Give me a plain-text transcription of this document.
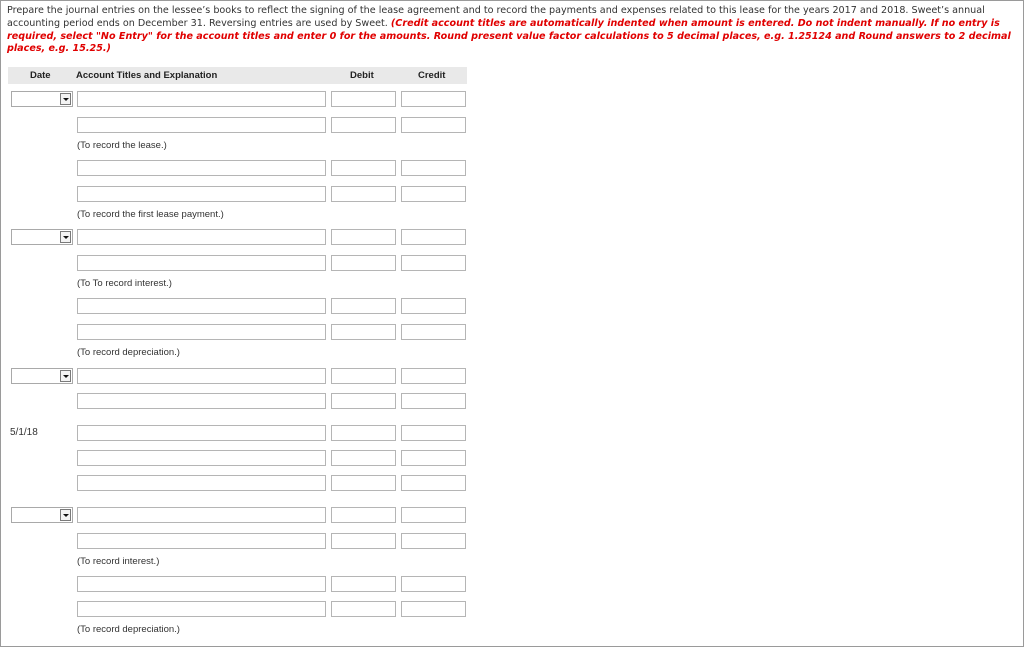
Prepare the journal entries on the lessee’s books to reflect the signing of the lease agreement and to record the payments and expenses related to this lease for the years 2017 and 2018. Sweet’s annual accounting period ends on December 31. Reversing entries are used by Sweet. (Credit account titles are automatically indented when amount is entered. Do not indent manually. If no entry is required, select "No Entry" for the account titles and enter 0 for the amounts. Round present value factor calculations to 5 decimal places, e.g. 1.25124 and Round answers to 2 decimal places, e.g. 15.25.)
Date	Account Titles and Explanation	Debit	Credit
(To record the lease.)
(To record the first lease payment.)
(To To record interest.)
(To record depreciation.)
5/1/18
(To record interest.)
(To record depreciation.)
